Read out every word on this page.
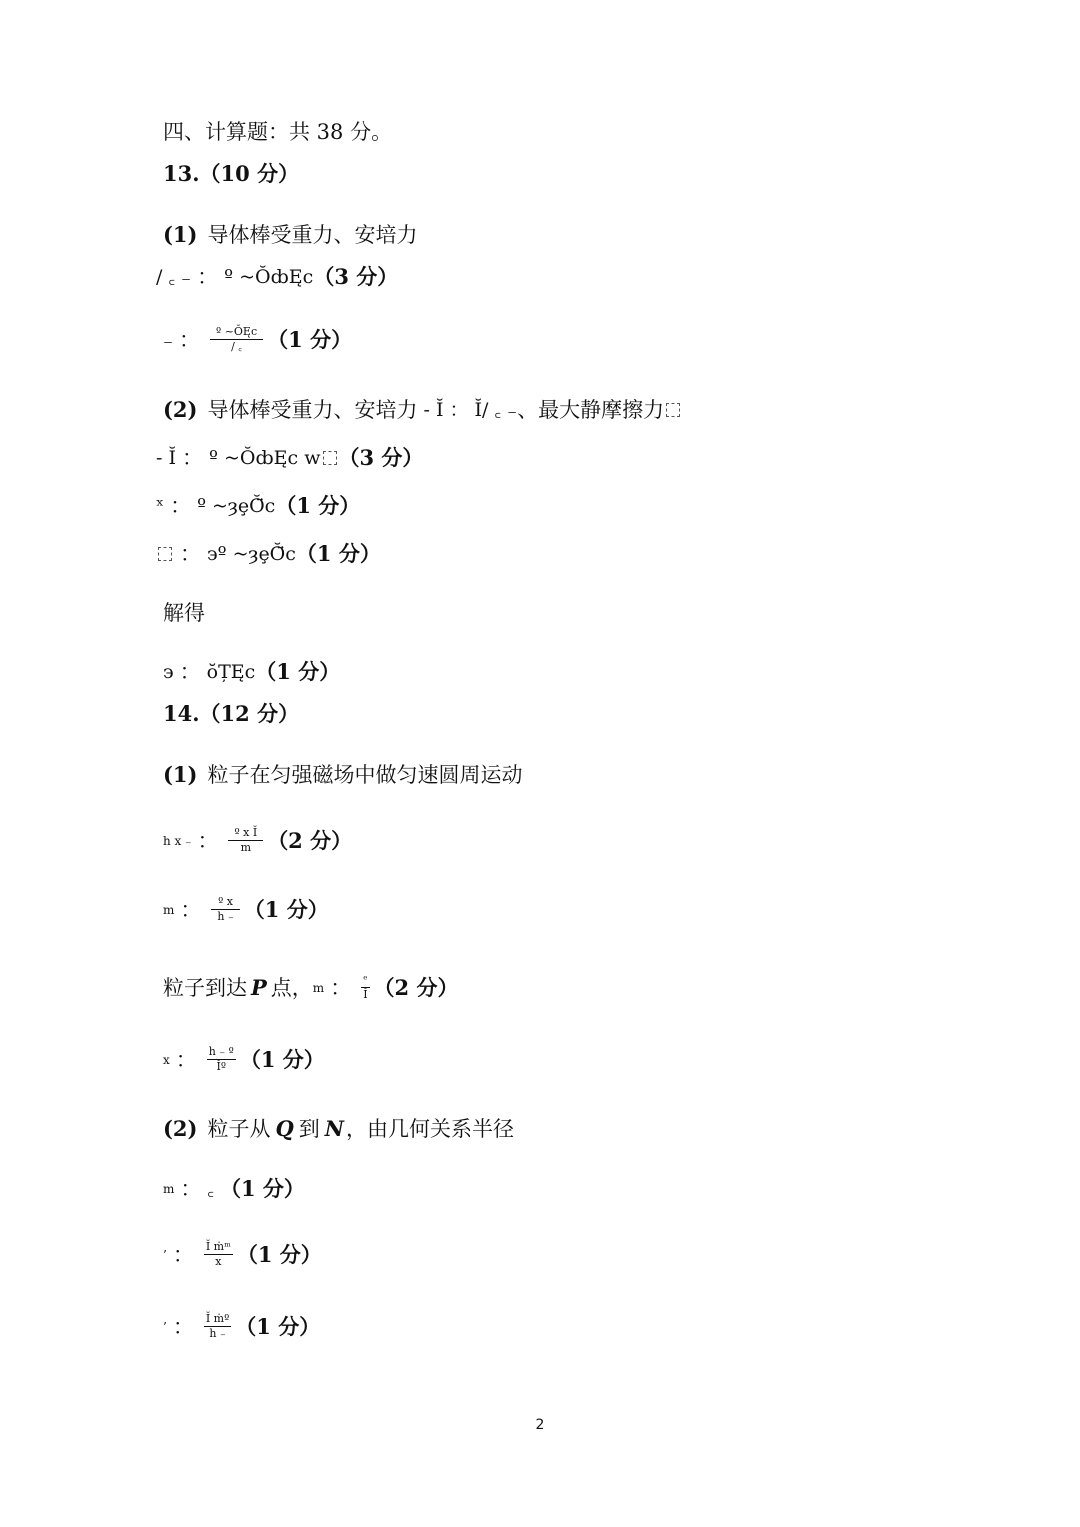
四、计算题：共 38 分。
13.（10 分）
(1) 导体棒受重力、安培力
/ ꜀ ₋ ： º ~ŎȸĘc （3 分）
₋ ： $\frac{\text{º \textasciitilde{}ŎĘc}}{/ ꜀} (1$ 分）
(2) 导体棒受重力、安培力 - Ĭ ： Ĭ/ ꜀ ₋ 、最大静摩擦力
- Ĭ ： º ~ŎȸĘc w （3 分）
ˣ ： º ~ȝȩŎ̈c （1 分）
： эº ~ȝȩŎ̈c （1 分）
解得
э ： ŏȚĘc （1 分）
14.（12 分）
(1) 粒子在匀强磁场中做匀速圆周运动
h x ₋ ： $\frac{\text{º x Ĭ}}{m} (2$ 分）
m ： $\frac{\text{º x}}{h _-} (1$ 分）
粒子到达 P 点， m ： $\frac{\text{ᵉ}}{Ĭ} (2$ 分）
x ： $\frac{\text{h ₋ º}}{\text{Ĭº}} (1$ 分）
(2) 粒子从 Q 到 N ，由几何关系半径
m ： ꜀ （1 分）
’ ： $\frac{\text{Ĭ ṁᵐ}}{x} (1$ 分）
’ ： $\frac{\text{Ĭ ṁº}}{h _-} (1$ 分）
2
